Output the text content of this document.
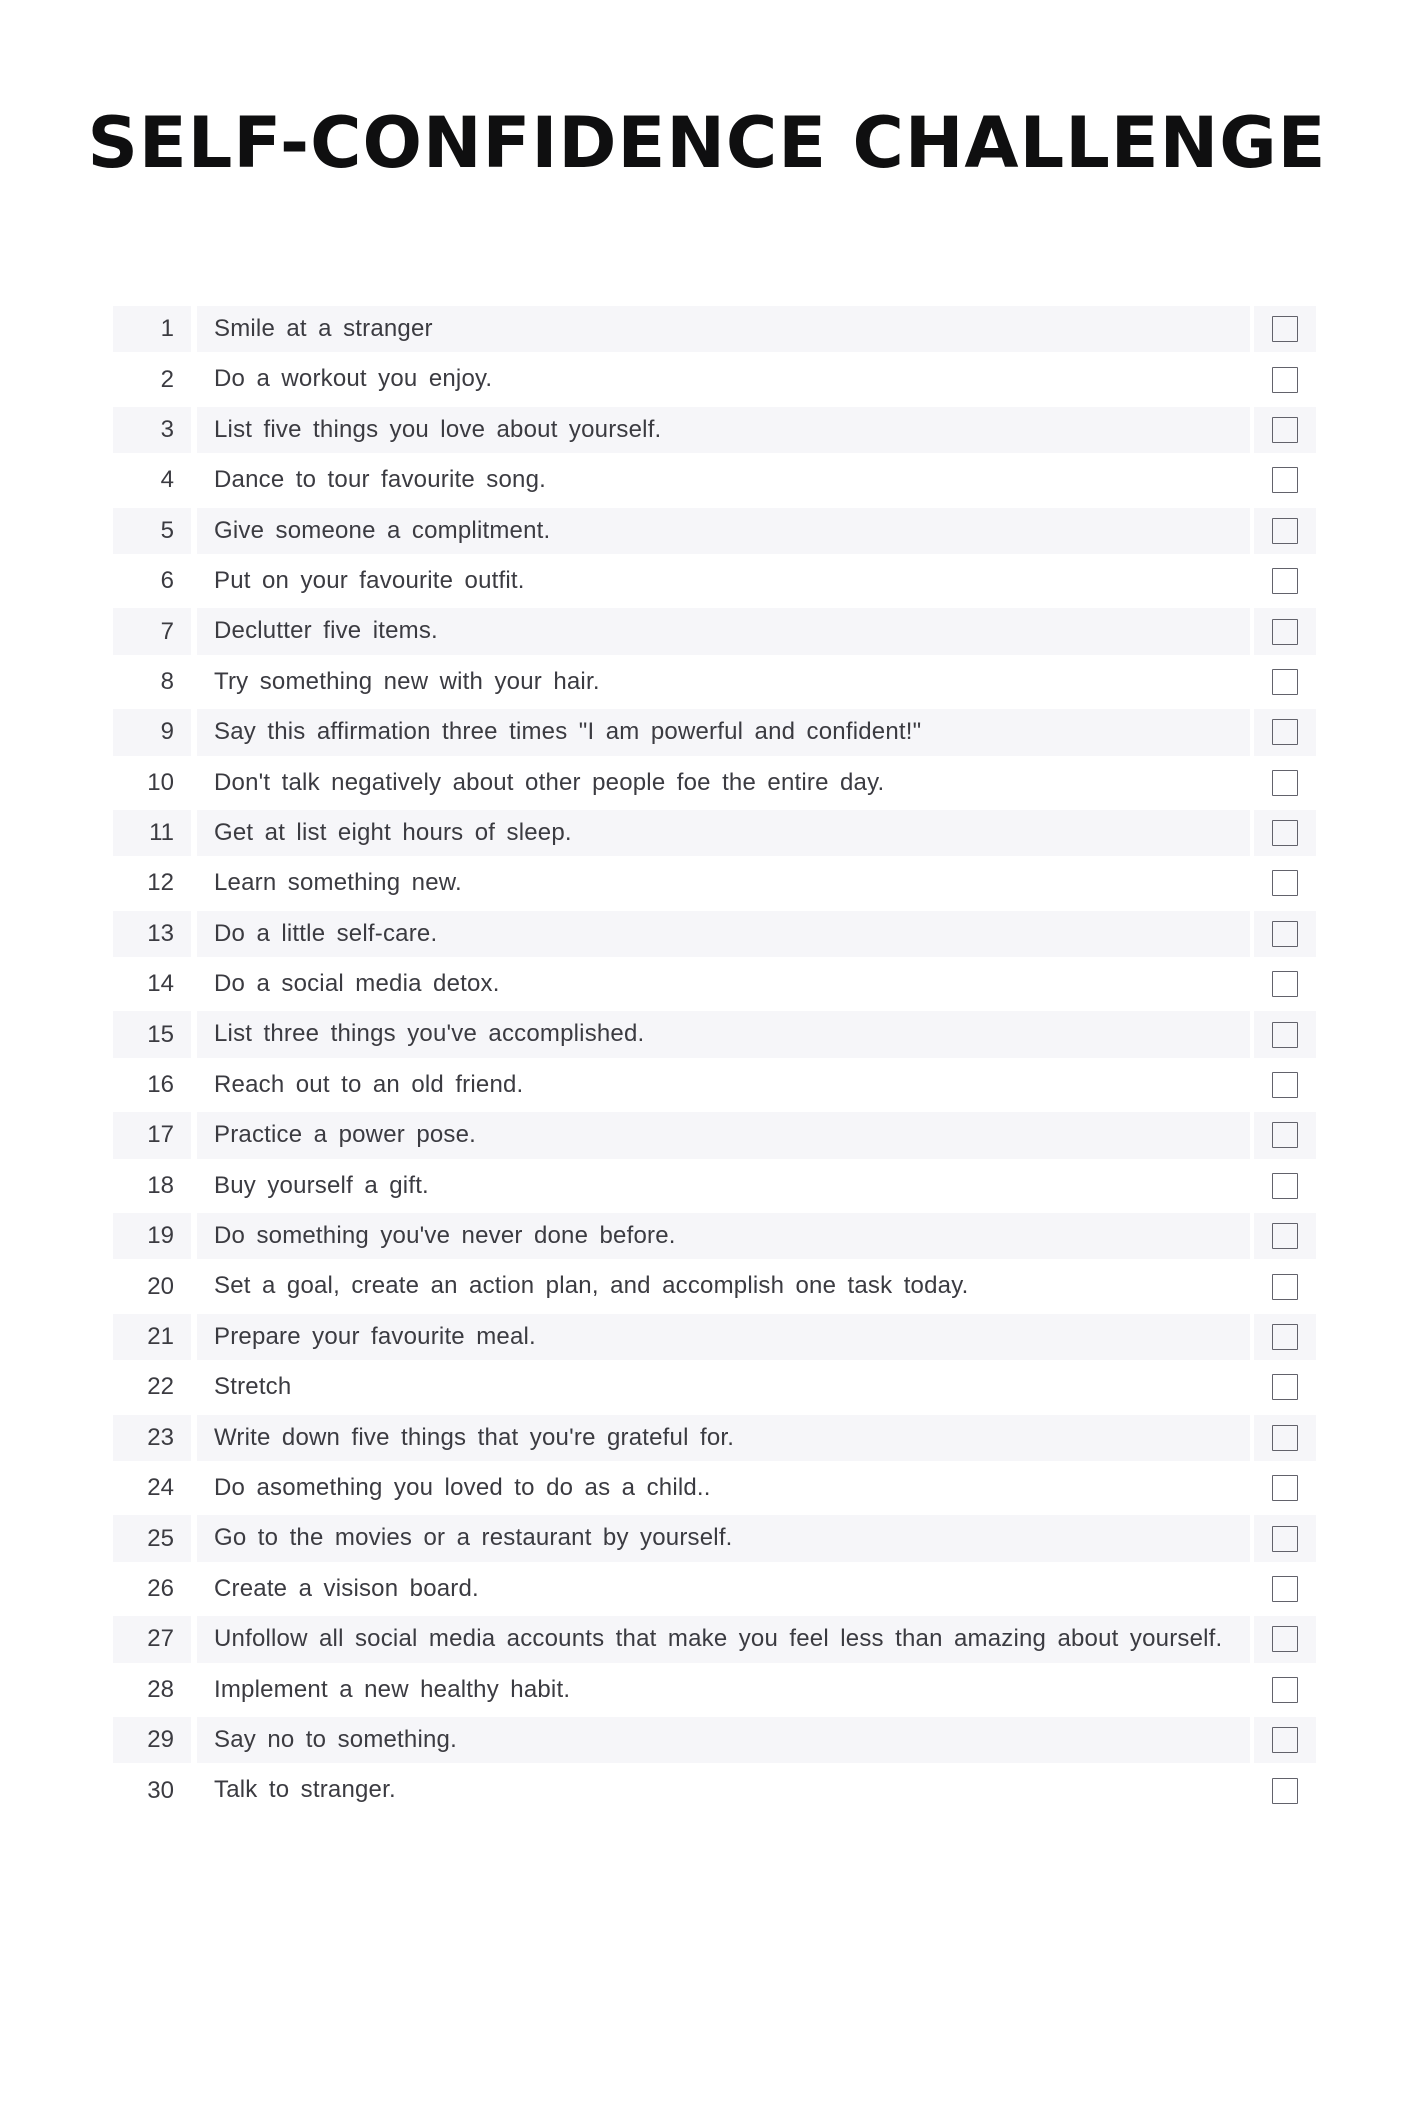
SELF-CONFIDENCE CHALLENGE
1	Smile at a stranger
2	Do a workout you enjoy.
3	List five things you love about yourself.
4	Dance to tour favourite song.
5	Give someone a complitment.
6	Put on your favourite outfit.
7	Declutter five items.
8	Try something new with your hair.
9	Say this affirmation three times "I am powerful and confident!"
10	Don't talk negatively about other people foe the entire day.
11	Get at list eight hours of sleep.
12	Learn something new.
13	Do a little self-care.
14	Do a social media detox.
15	List three things you've accomplished.
16	Reach out to an old friend.
17	Practice a power pose.
18	Buy yourself a gift.
19	Do something you've never done before.
20	Set a goal, create an action plan, and accomplish one task today.
21	Prepare your favourite meal.
22	Stretch
23	Write down five things that you're grateful for.
24	Do asomething you loved to do as a child..
25	Go to the movies or a restaurant by yourself.
26	Create a visison board.
27	Unfollow all social media accounts that make you feel less than amazing about yourself.
28	Implement a new healthy habit.
29	Say no to something.
30	Talk to stranger.
